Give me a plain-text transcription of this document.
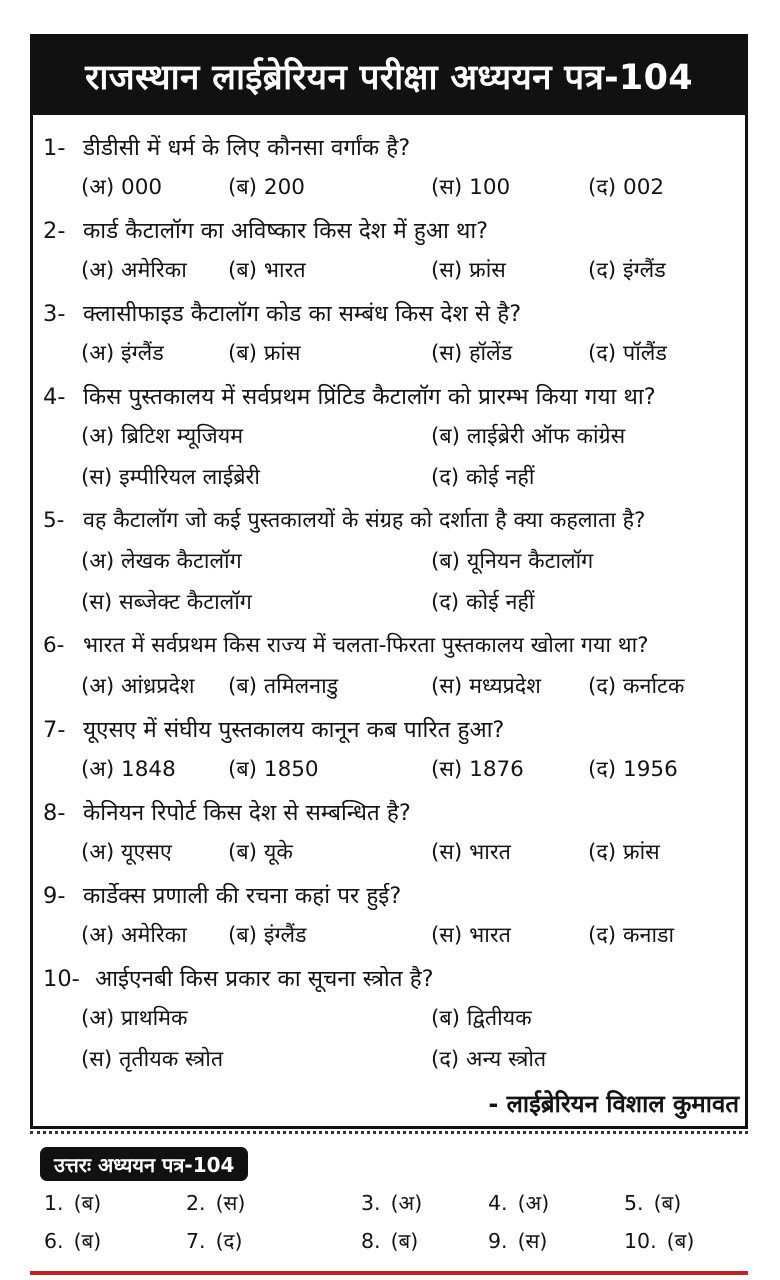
राजस्थान लाईब्रेरियन परीक्षा अध्ययन पत्र-104
1- डीडीसी में धर्म के लिए कौनसा वर्गांक है?
(अ) 000	(ब) 200	(स) 100	(द) 002
2- कार्ड कैटालॉग का अविष्कार किस देश में हुआ था?
(अ) अमेरिका (ब) भारत	(स) फ्रांस	(द) इंग्लैंड
3- क्लासीफाइड कैटालॉग कोड का सम्बंध किस देश से है?
(अ) इंग्लैंड	(ब) फ्रांस	(स) हॉलेंड	(द) पॉलैंड
4- किस पुस्तकालय में सर्वप्रथम प्रिंटिड कैटालॉग को प्रारम्भ किया गया था?
(अ) ब्रिटिश म्यूजियम	(ब) लाईब्रेरी ऑफ कांग्रेस
(स) इम्पीरियल लाईब्रेरी	(द) कोई नहीं
5- वह कैटालॉग जो कई पुस्तकालयों के संग्रह को दर्शाता है क्या कहलाता है?
(अ) लेखक कैटालॉग	(ब) यूनियन कैटालॉग
(स) सब्जेक्ट कैटालॉग	(द) कोई नहीं
6- भारत में सर्वप्रथम किस राज्य में चलता-फिरता पुस्तकालय खोला गया था?
(अ) आंध्रप्रदेश (ब) तमिलनाडु	(स) मध्यप्रदेश (द) कर्नाटक
7- यूएसए में संघीय पुस्तकालय कानून कब पारित हुआ?
(अ) 1848 (ब) 1850	(स) 1876	(द) 1956
8- केनियन रिपोर्ट किस देश से सम्बन्धित है?
(अ) यूएसए	(ब) यूके	(स) भारत	(द) फ्रांस
9- कार्डेक्स प्रणाली की रचना कहां पर हुई?
(अ) अमेरिका (ब) इंग्लैंड	(स) भारत	(द) कनाडा
10- आईएनबी किस प्रकार का सूचना स्त्रोत है?
(अ) प्राथमिक	(ब) द्वितीयक
(स) तृतीयक स्त्रोत	(द) अन्य स्त्रोत
- लाईब्रेरियन विशाल कुमावत
उत्तरः अध्ययन पत्र-104
1. (ब)	2. (स)	3. (अ)	4. (अ)	5. (ब)
6. (ब)	7. (द)	8. (ब)	9. (स)	10. (ब)
